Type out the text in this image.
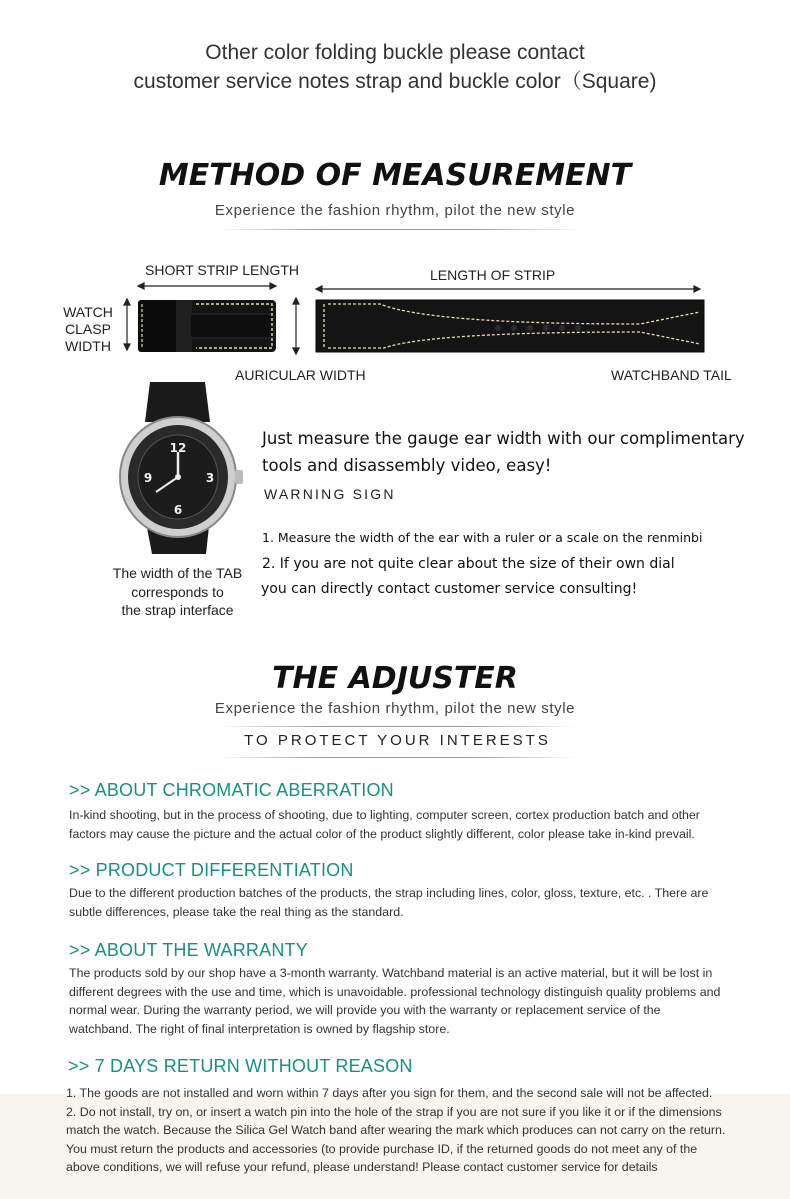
Other color folding buckle please contact
customer service notes strap and buckle color（Square)
METHOD OF MEASUREMENT
Experience the fashion rhythm, pilot the new style
SHORT STRIP LENGTH	LENGTH OF STRIP
WATCH
CLASP
WIDTH
AURICULAR WIDTH	WATCHBAND TAIL
12
3
6
9
The width of the TAB
corresponds to
the strap interface
Just measure the gauge ear width with our complimentary
tools and disassembly video, easy!
WARNING SIGN
1. Measure the width of the ear with a ruler or a scale on the renminbi
2. If you are not quite clear about the size of their own dial
you can directly contact customer service consulting!
THE ADJUSTER
Experience the fashion rhythm, pilot the new style
TO PROTECT YOUR INTERESTS
>> ABOUT CHROMATIC ABERRATION
In-kind shooting, but in the process of shooting, due to lighting, computer screen, cortex production batch and other factors may cause the picture and the actual color of the product slightly different, color please take in-kind prevail.
>> PRODUCT DIFFERENTIATION
Due to the different production batches of the products, the strap including lines, color, gloss, texture, etc. . There are subtle differences, please take the real thing as the standard.
>> ABOUT THE WARRANTY
The products sold by our shop have a 3-month warranty. Watchband material is an active material, but it will be lost in different degrees with the use and time, which is unavoidable. professional technology distinguish quality problems and normal wear. During the warranty period, we will provide you with the warranty or replacement service of the watchband. The right of final interpretation is owned by flagship store.
>> 7 DAYS RETURN WITHOUT REASON
1. The goods are not installed and worn within 7 days after you sign for them, and the second sale will not be affected. 2. Do not install, try on, or insert a watch pin into the hole of the strap if you are not sure if you like it or if the dimensions match the watch. Because the Silica Gel Watch band after wearing the mark which produces can not carry on the return. You must return the products and accessories (to provide purchase ID, if the returned goods do not meet any of the above conditions, we will refuse your refund, please understand! Please contact customer service for details
